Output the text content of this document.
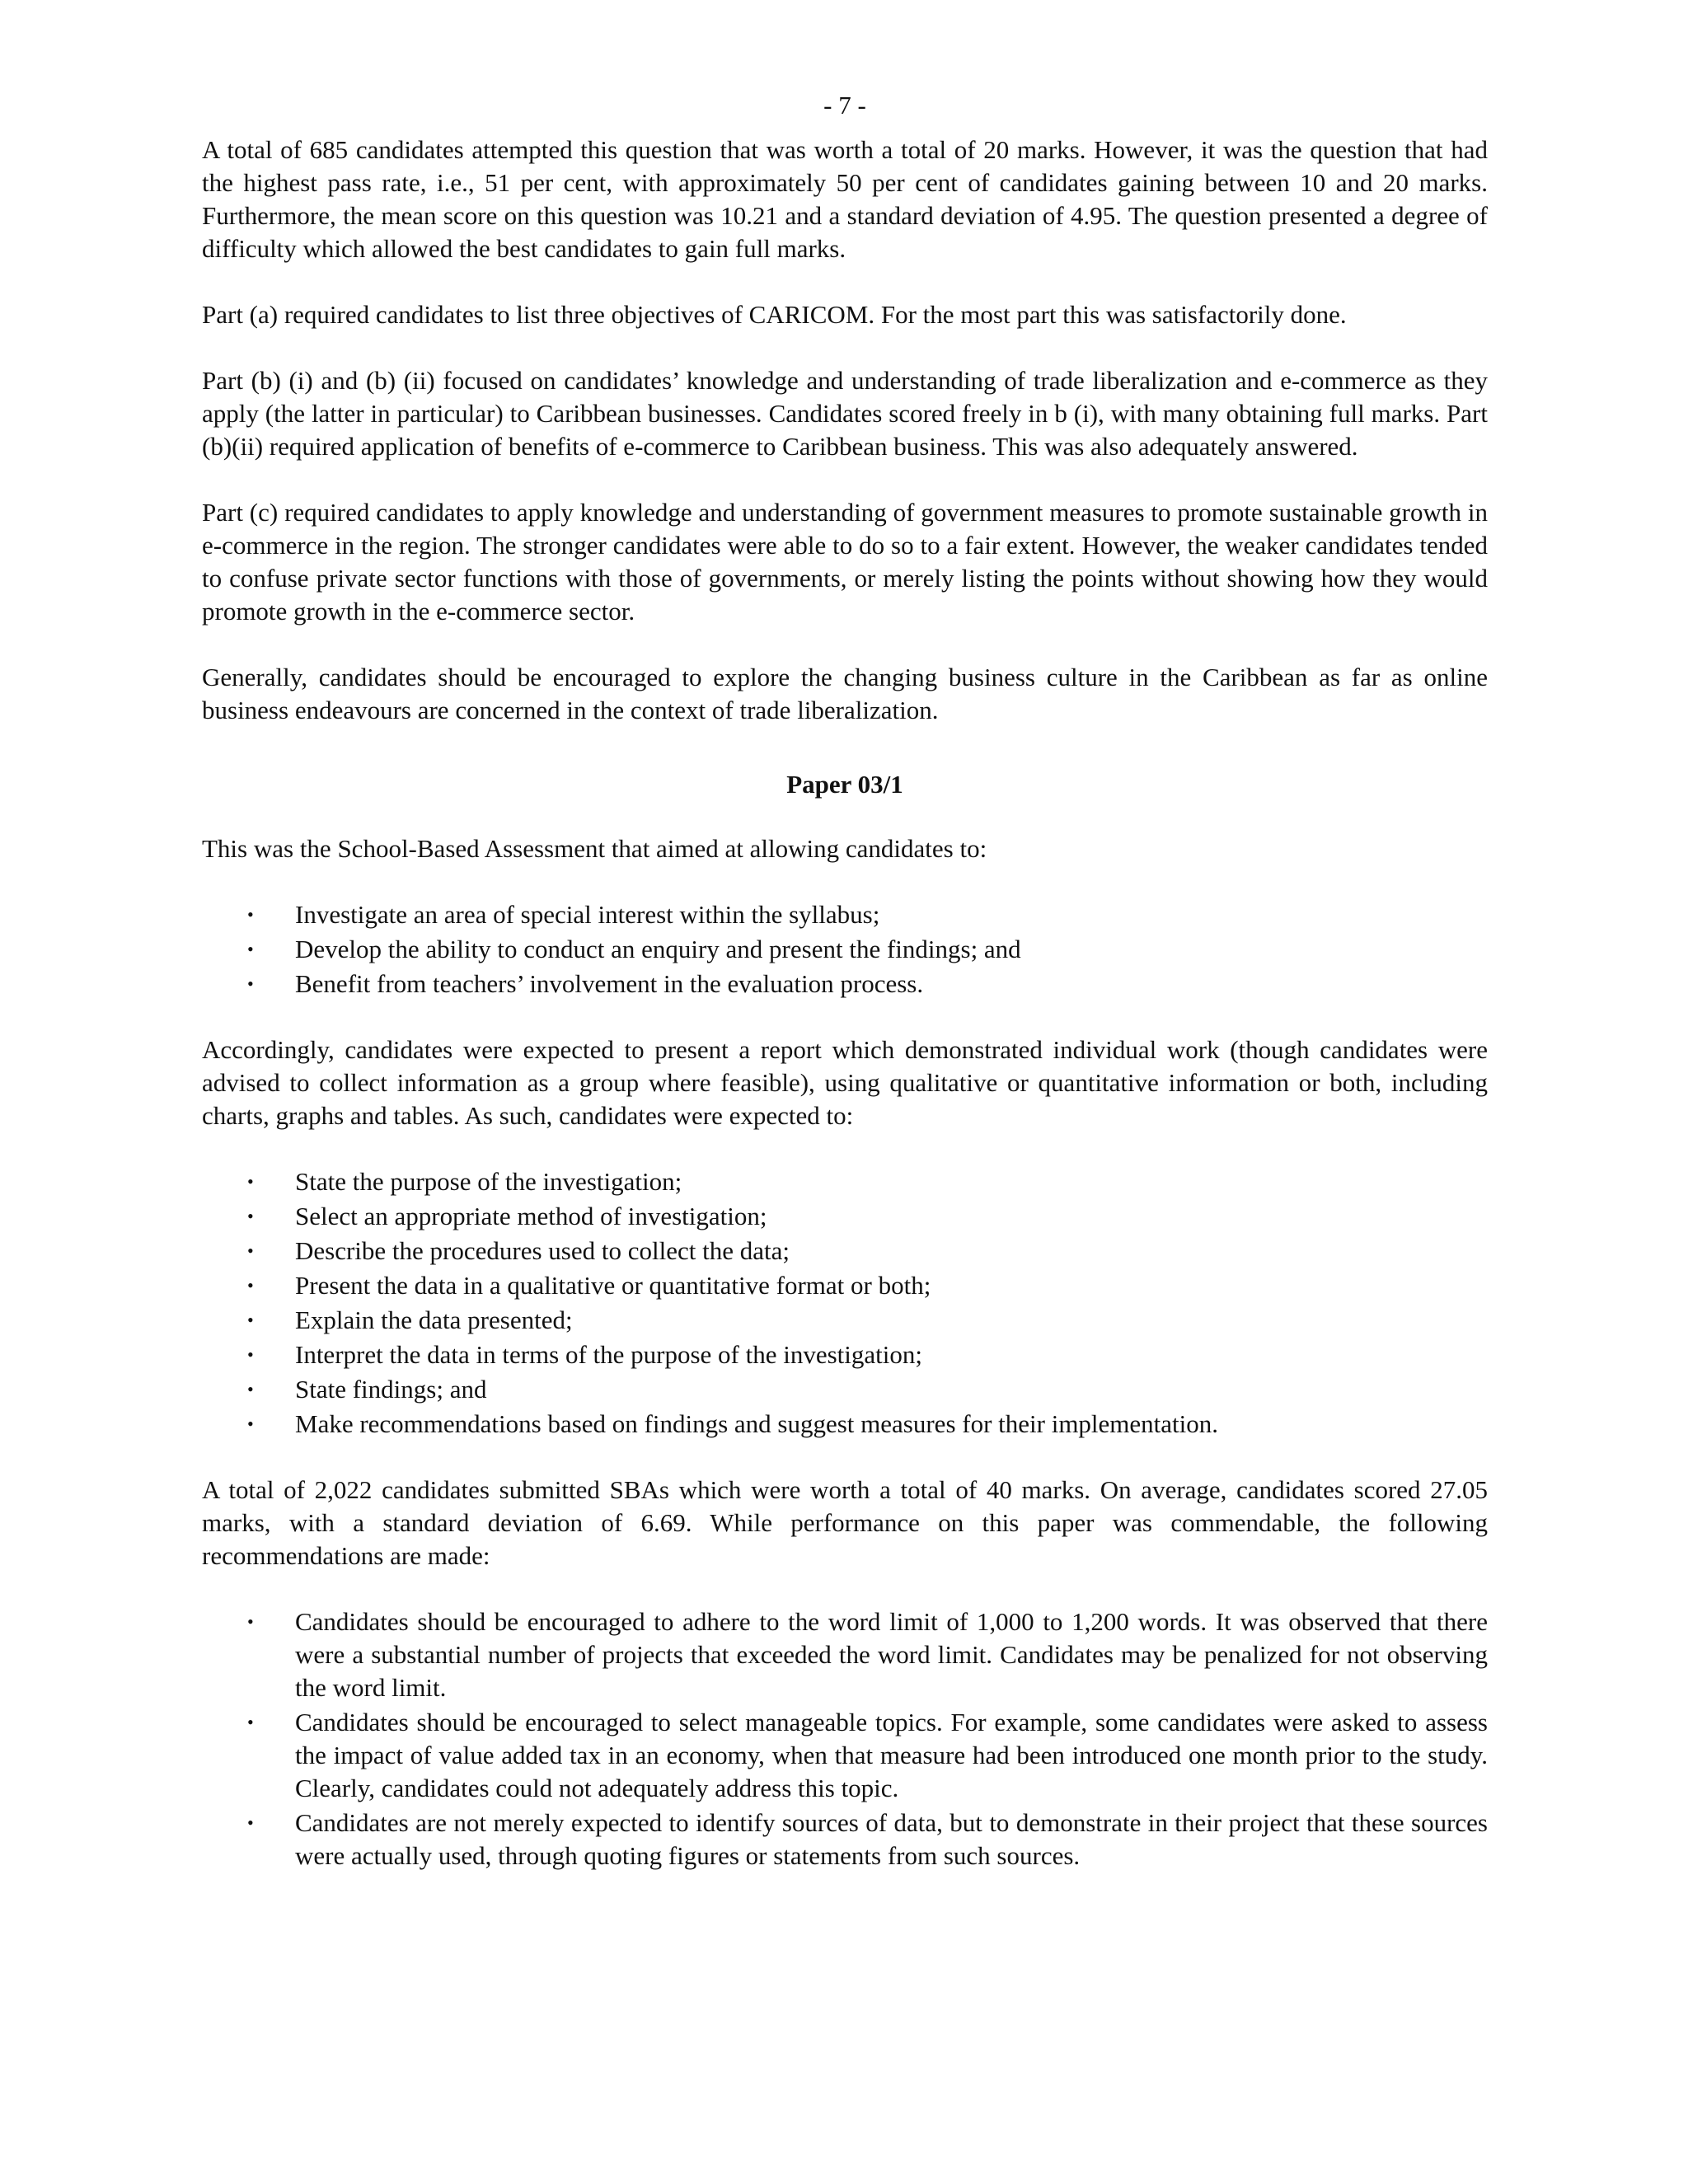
- 7 -

A total of 685 candidates attempted this question that was worth a total of 20 marks. However, it was the question that had the highest pass rate, i.e., 51 per cent, with approximately 50 per cent of candidates gaining between 10 and 20 marks. Furthermore, the mean score on this question was 10.21 and a standard deviation of 4.95. The question presented a degree of difficulty which allowed the best candidates to gain full marks.

Part (a) required candidates to list three objectives of CARICOM. For the most part this was satisfactorily done.

Part (b) (i) and (b) (ii) focused on candidates’ knowledge and understanding of trade liberalization and e-commerce as they apply (the latter in particular) to Caribbean businesses. Candidates scored freely in b (i), with many obtaining full marks. Part (b)(ii) required application of benefits of e-commerce to Caribbean business. This was also adequately answered.

Part (c) required candidates to apply knowledge and understanding of government measures to promote sustainable growth in e-commerce in the region. The stronger candidates were able to do so to a fair extent. However, the weaker candidates tended to confuse private sector functions with those of governments, or merely listing the points without showing how they would promote growth in the e-commerce sector.

Generally, candidates should be encouraged to explore the changing business culture in the Caribbean as far as online business endeavours are concerned in the context of trade liberalization.

Paper 03/1

This was the School-Based Assessment that aimed at allowing candidates to:

• Investigate an area of special interest within the syllabus;
• Develop the ability to conduct an enquiry and present the findings; and
• Benefit from teachers’ involvement in the evaluation process.

Accordingly, candidates were expected to present a report which demonstrated individual work (though candidates were advised to collect information as a group where feasible), using qualitative or quantitative information or both, including charts, graphs and tables. As such, candidates were expected to:

• State the purpose of the investigation;
• Select an appropriate method of investigation;
• Describe the procedures used to collect the data;
• Present the data in a qualitative or quantitative format or both;
• Explain the data presented;
• Interpret the data in terms of the purpose of the investigation;
• State findings; and
• Make recommendations based on findings and suggest measures for their implementation.

A total of 2,022 candidates submitted SBAs which were worth a total of 40 marks. On average, candidates scored 27.05 marks, with a standard deviation of 6.69. While performance on this paper was commendable, the following recommendations are made:

• Candidates should be encouraged to adhere to the word limit of 1,000 to 1,200 words. It was observed that there were a substantial number of projects that exceeded the word limit. Candidates may be penalized for not observing the word limit.
• Candidates should be encouraged to select manageable topics. For example, some candidates were asked to assess the impact of value added tax in an economy, when that measure had been introduced one month prior to the study. Clearly, candidates could not adequately address this topic.
• Candidates are not merely expected to identify sources of data, but to demonstrate in their project that these sources were actually used, through quoting figures or statements from such sources.
